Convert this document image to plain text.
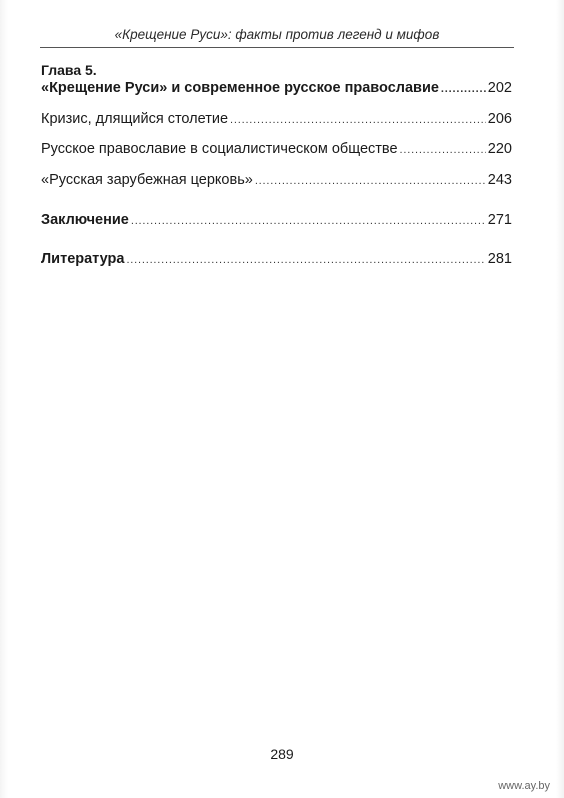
«Крещение Руси»: факты против легенд и мифов
Глава 5.
«Крещение Руси» и современное русское православие .....	202
Кризис, длящийся столетие .....	206
Русское православие в социалистическом обществе .....	220
«Русская зарубежная церковь» .....	243
Заключение .....	271
Литература .....	281
289
www.ay.by
